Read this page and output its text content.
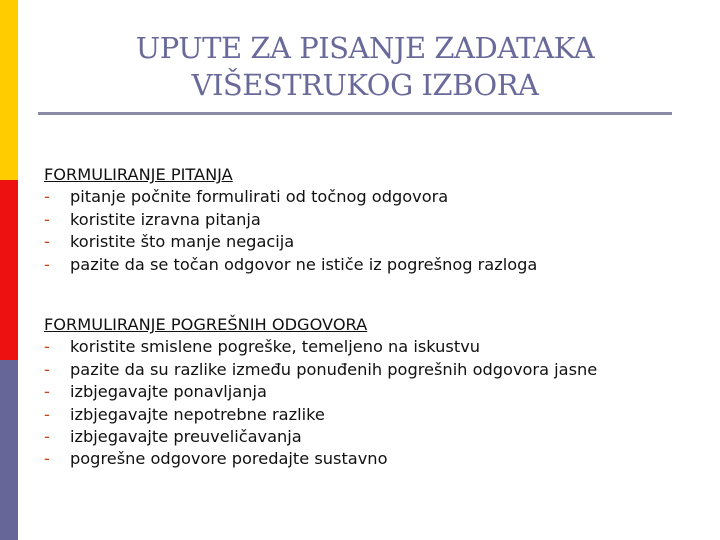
UPUTE ZA PISANJE ZADATAKA
VIŠESTRUKOG IZBORA
FORMULIRANJE PITANJA
-	pitanje počnite formulirati od točnog odgovora
-	koristite izravna pitanja
-	koristite što manje negacija
-	pazite da se točan odgovor ne ističe iz pogrešnog razloga
FORMULIRANJE POGREŠNIH ODGOVORA
-	koristite smislene pogreške, temeljeno na iskustvu
-	pazite da su razlike između ponuđenih pogrešnih odgovora jasne
-	izbjegavajte ponavljanja
-	izbjegavajte nepotrebne razlike
-	izbjegavajte preuveličavanja
-	pogrešne odgovore poredajte sustavno
